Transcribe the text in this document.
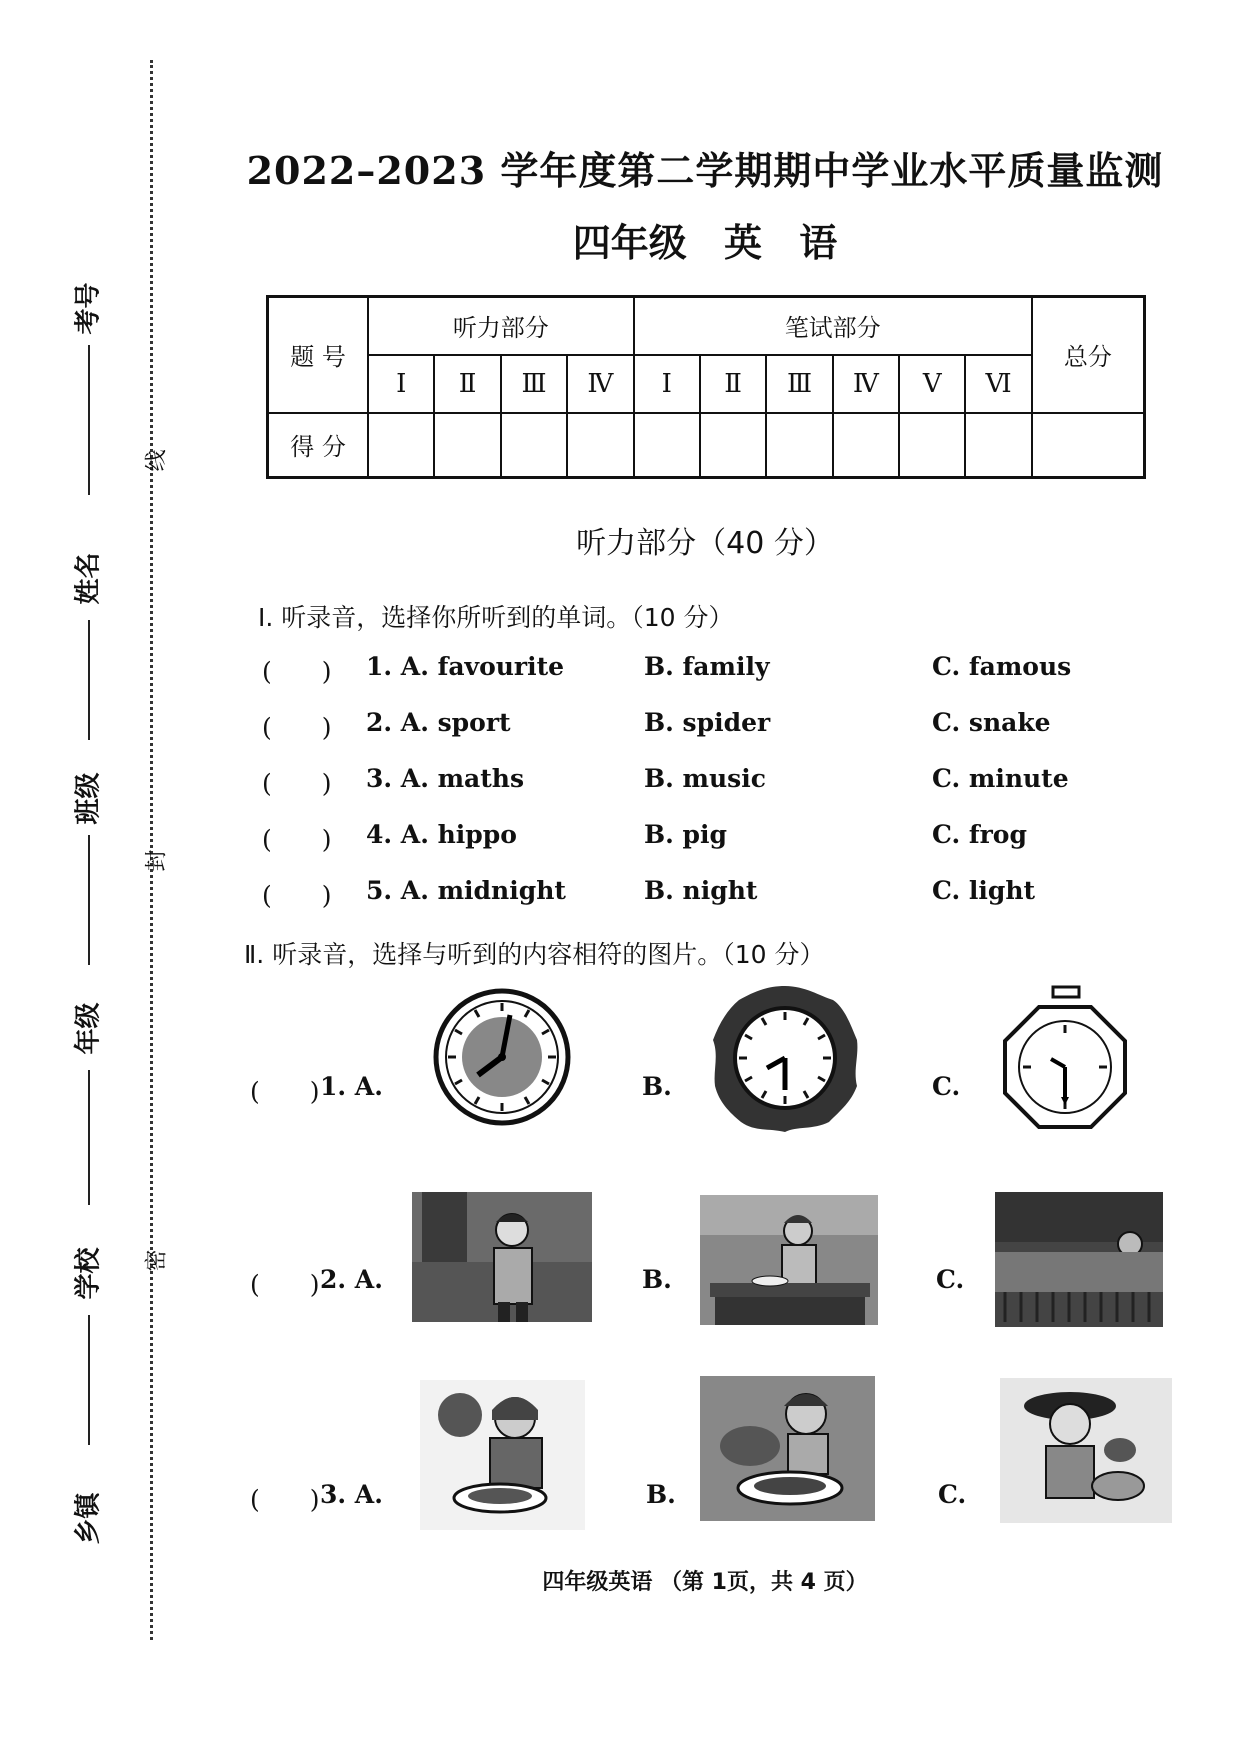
考号
姓名
班级
年级
学校
乡镇
线
封
密
2022–2023 学年度第二学期期中学业水平质量监测
四年级 英 语
题 号	听力部分				笔试部分						总分
	Ⅰ	Ⅱ	Ⅲ	Ⅳ	Ⅰ	Ⅱ	Ⅲ	Ⅳ	Ⅴ	Ⅵ	
得 分											
听力部分（40 分）
Ⅰ. 听录音，选择你所听到的单词。（10 分）
(　　) 1. A. favourite	B. family	C. famous
(　　) 2. A. sport	B. spider	C. snake
(　　) 3. A. maths	B. music	C. minute
(　　) 4. A. hippo	B. pig	C. frog
(　　) 5. A. midnight	B. night	C. light
Ⅱ. 听录音，选择与听到的内容相符的图片。（10 分）
(　　) 1. A.	B.	C.
(　　) 2. A.	B.	C.
(　　) 3. A.	B.	C.
四年级英语 （第 1页，共 4 页）
